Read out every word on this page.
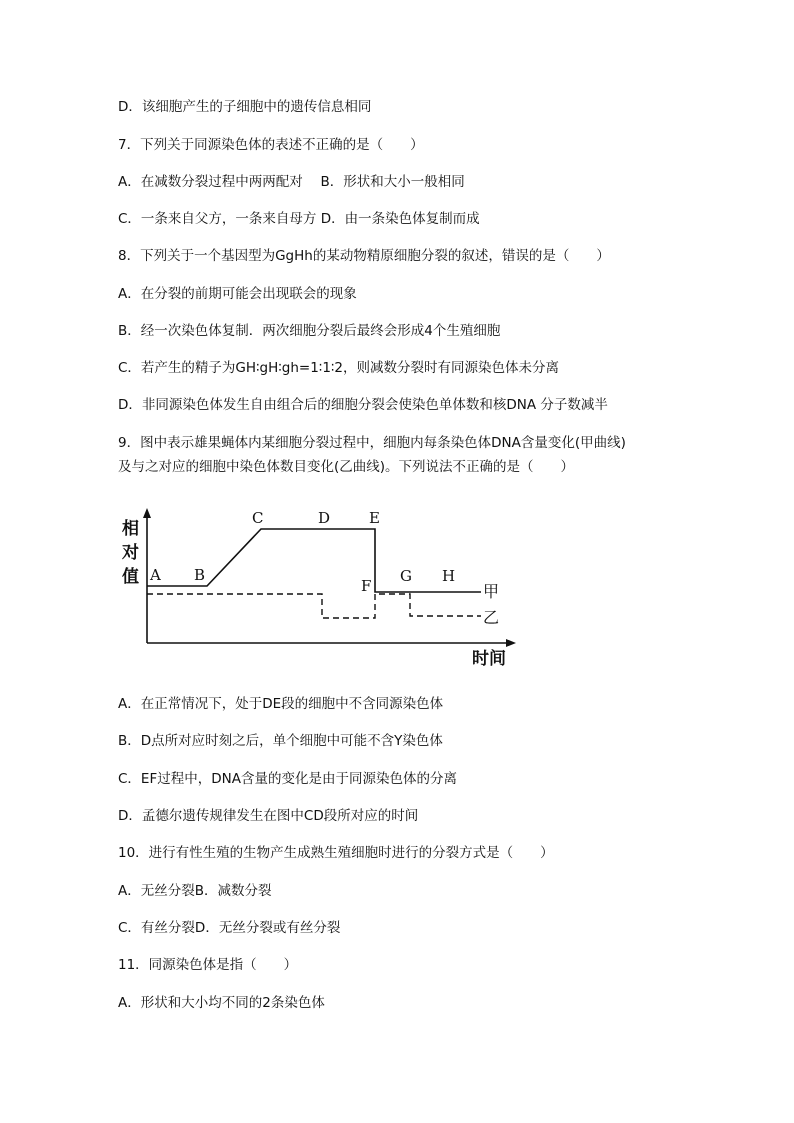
D．该细胞产生的子细胞中的遗传信息相同
7．下列关于同源染色体的表述不正确的是（　　）
A．在减数分裂过程中两两配对　 B．形状和大小一般相同
C．一条来自父方，一条来自母方 D．由一条染色体复制而成
8．下列关于一个基因型为GgHh的某动物精原细胞分裂的叙述，错误的是（　　）
A．在分裂的前期可能会出现联会的现象
B．经一次染色体复制．两次细胞分裂后最终会形成4个生殖细胞
C．若产生的精子为GH∶gH∶gh=1∶1∶2，则减数分裂时有同源染色体未分离
D．非同源染色体发生自由组合后的细胞分裂会使染色单体数和核DNA 分子数减半
9．图中表示雄果蝇体内某细胞分裂过程中，细胞内每条染色体DNA含量变化(甲曲线)
及与之对应的细胞中染色体数目变化(乙曲线)。下列说法不正确的是（　　）
相
对
值
时间
A B
C	D	E
F
G H
甲
乙
A．在正常情况下，处于DE段的细胞中不含同源染色体
B．D点所对应时刻之后，单个细胞中可能不含Y染色体
C．EF过程中，DNA含量的变化是由于同源染色体的分离
D．孟德尔遗传规律发生在图中CD段所对应的时间
10．进行有性生殖的生物产生成熟生殖细胞时进行的分裂方式是（　　）
A．无丝分裂B．减数分裂
C．有丝分裂D．无丝分裂或有丝分裂
11．同源染色体是指（　　）
A．形状和大小均不同的2条染色体
